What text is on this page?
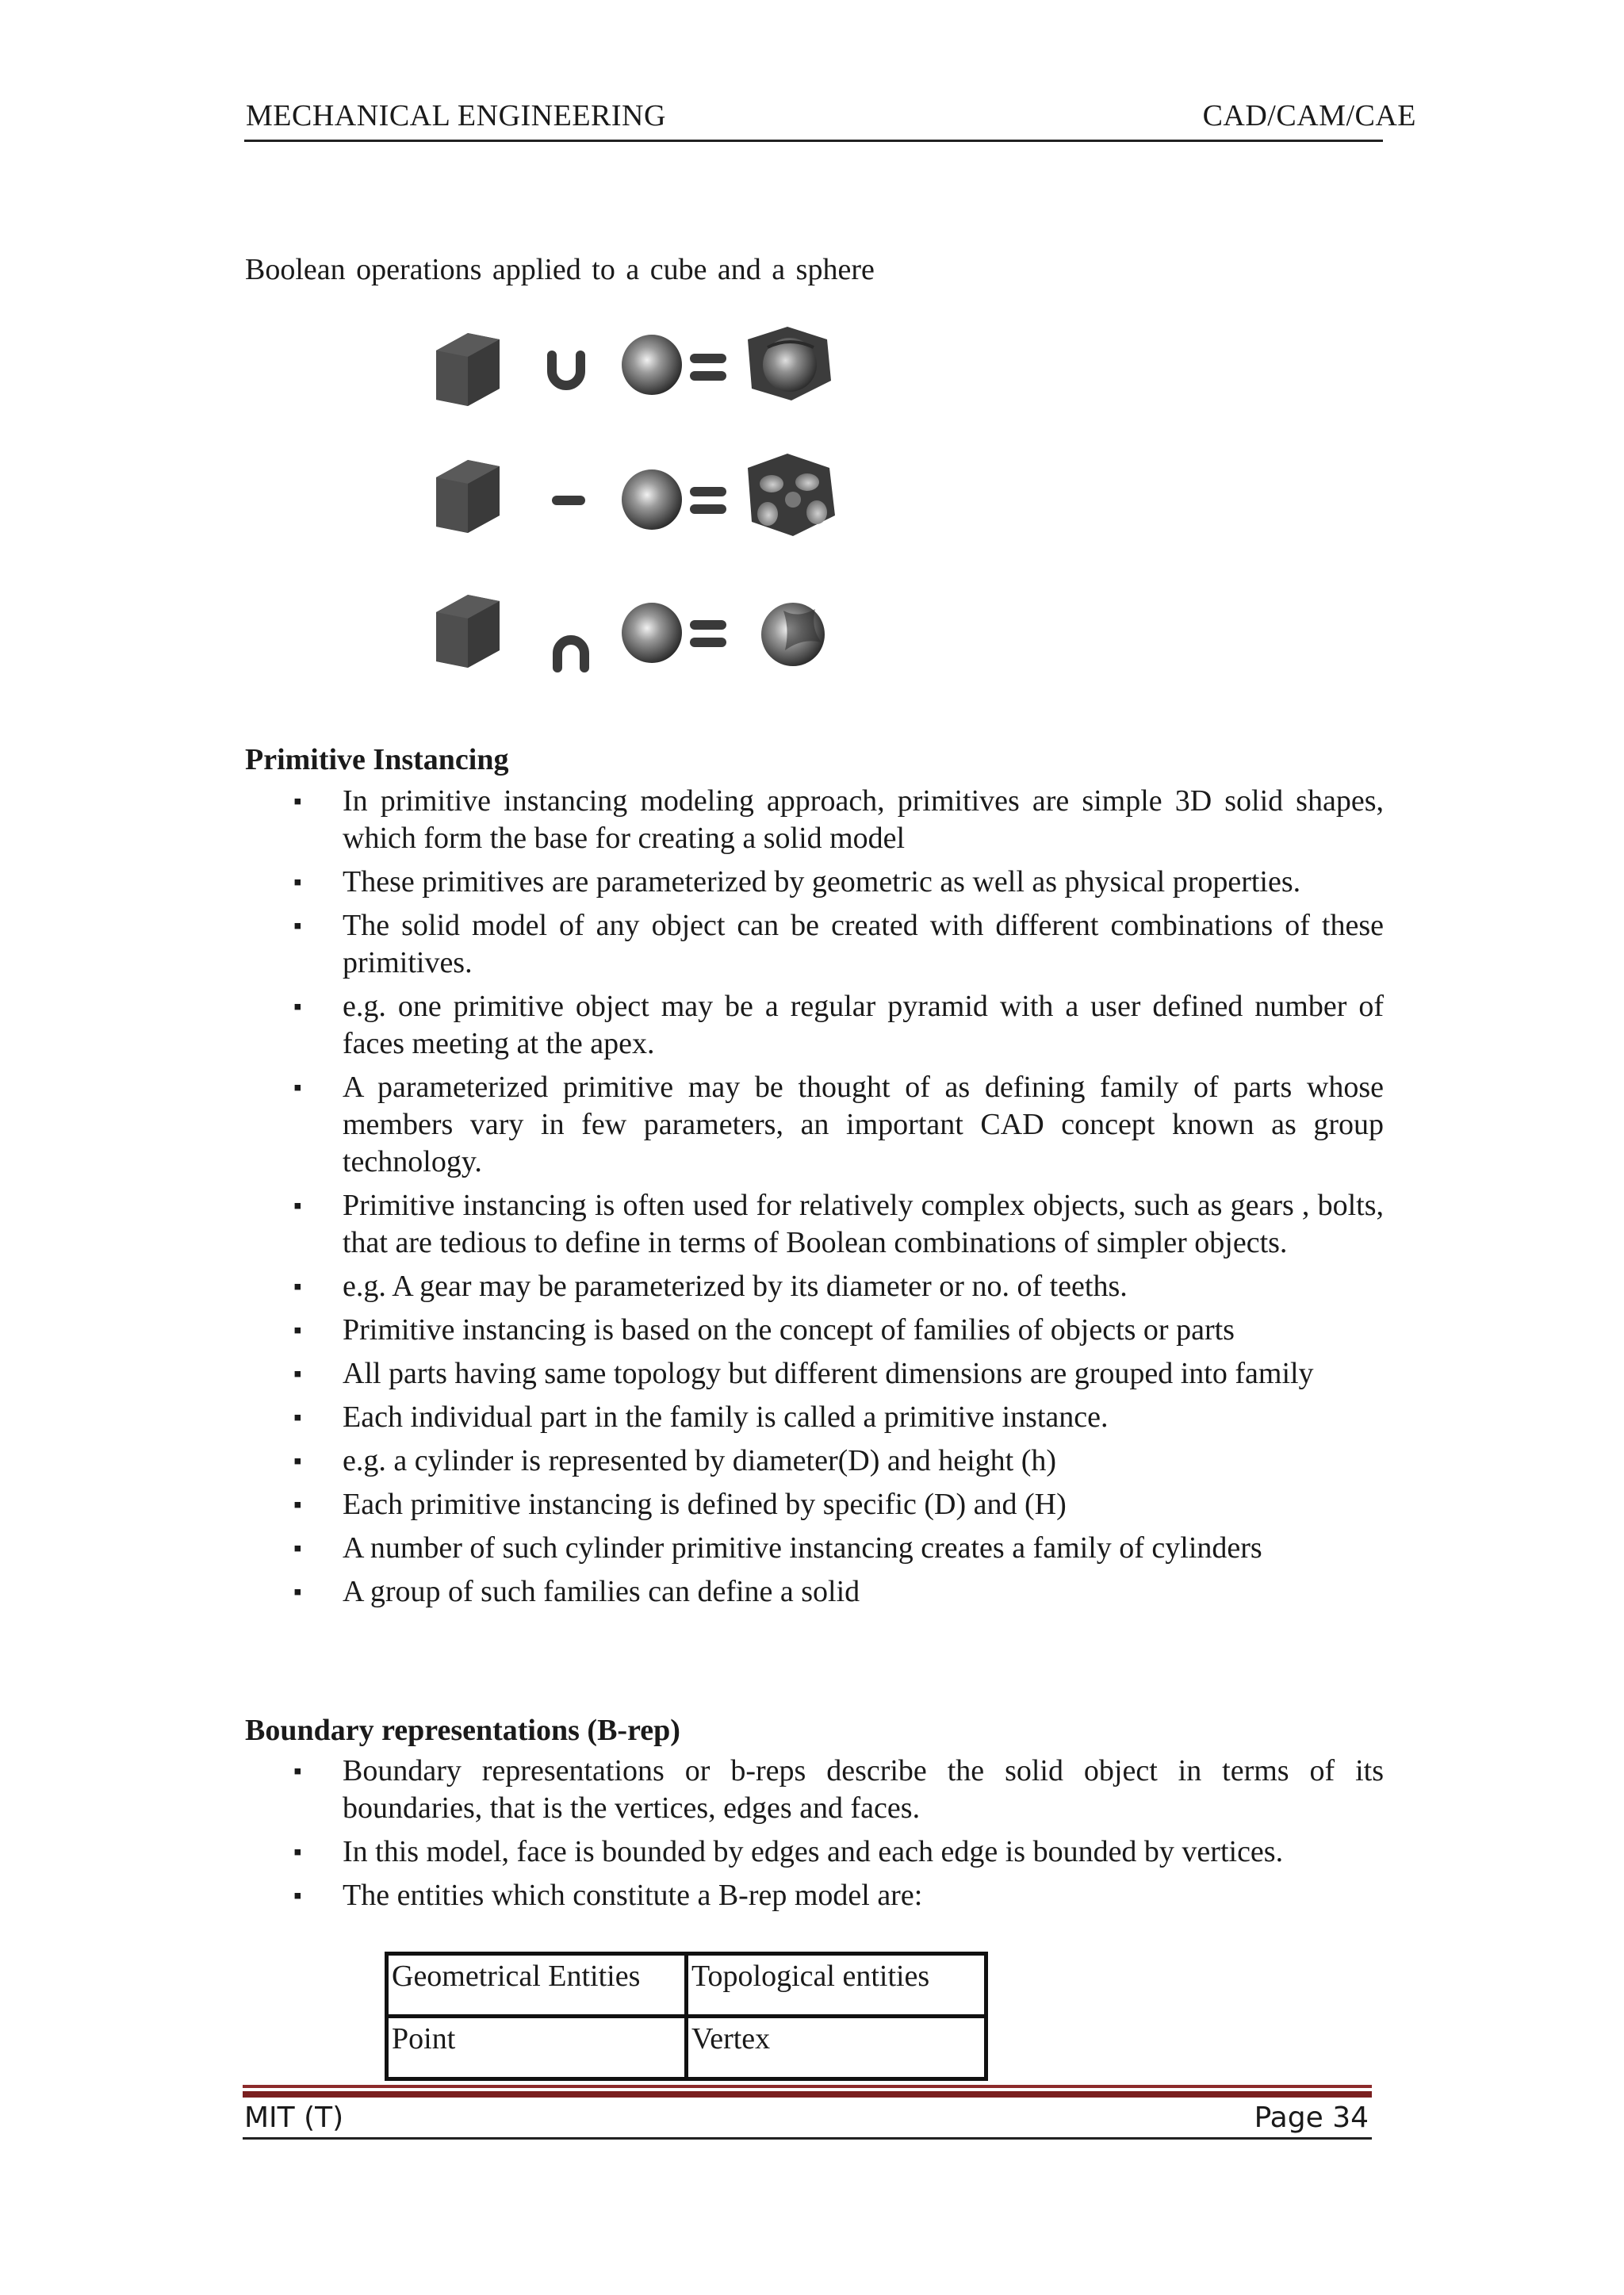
MECHANICAL ENGINEERING	CAD/CAM/CAE
Boolean operations applied to a cube and a sphere
Primitive Instancing
▪ In primitive instancing modeling approach, primitives are simple 3D solid shapes, which form the base for creating a solid model
▪ These primitives are parameterized by geometric as well as physical properties.
▪ The solid model of any object can be created with different combinations of these primitives.
▪ e.g. one primitive object may be a regular pyramid with a user defined number of faces meeting at the apex.
▪ A parameterized primitive may be thought of as defining family of parts whose members vary in few parameters, an important CAD concept known as group technology.
▪ Primitive instancing is often used for relatively complex objects, such as gears , bolts, that are tedious to define in terms of Boolean combinations of simpler objects.
▪ e.g. A gear may be parameterized by its diameter or no. of teeths.
▪ Primitive instancing is based on the concept of families of objects or parts
▪ All parts having same topology but different dimensions are grouped into family
▪ Each individual part in the family is called a primitive instance.
▪ e.g. a cylinder is represented by diameter(D) and height (h)
▪ Each primitive instancing is defined by specific (D) and (H)
▪ A number of such cylinder primitive instancing creates a family of cylinders
▪ A group of such families can define a solid
Boundary representations (B-rep)
▪ Boundary representations or b-reps describe the solid object in terms of its boundaries, that is the vertices, edges and faces.
▪ In this model, face is bounded by edges and each edge is bounded by vertices.
▪ The entities which constitute a B-rep model are:
Geometrical Entities	Topological entities
Point	Vertex
MIT (T)	Page 34
